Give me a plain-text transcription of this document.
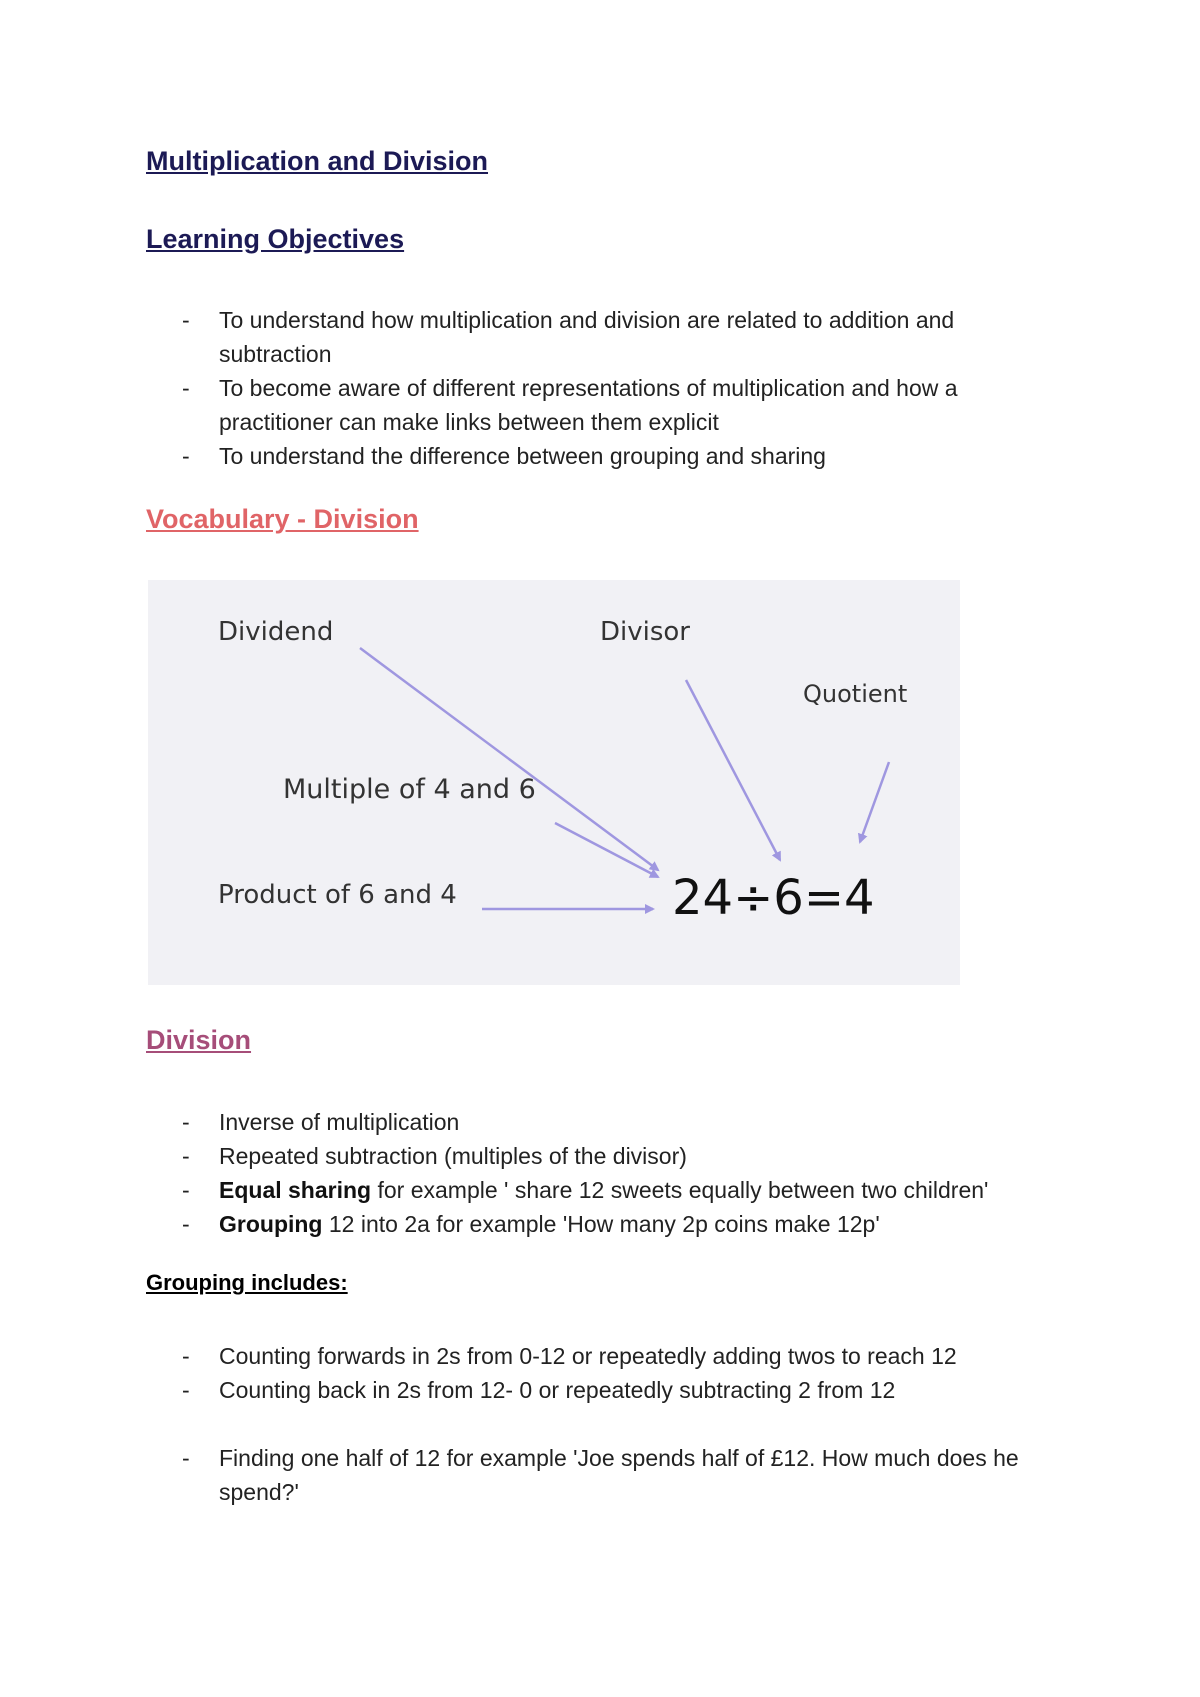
Multiplication and Division
Learning Objectives
- To understand how multiplication and division are related to addition and subtraction
- To become aware of different representations of multiplication and how a practitioner can make links between them explicit
- To understand the difference between grouping and sharing
Vocabulary - Division
Dividend	Divisor
Quotient
Multiple of 4 and 6
Product of 6 and 4	24÷6=4
Division
- Inverse of multiplication
- Repeated subtraction (multiples of the divisor)
- Equal sharing for example ' share 12 sweets equally between two children'
- Grouping 12 into 2a for example 'How many 2p coins make 12p'
Grouping includes:
- Counting forwards in 2s from 0-12 or repeatedly adding twos to reach 12
- Counting back in 2s from 12- 0 or repeatedly subtracting 2 from 12
- Finding one half of 12 for example 'Joe spends half of £12. How much does he spend?'
